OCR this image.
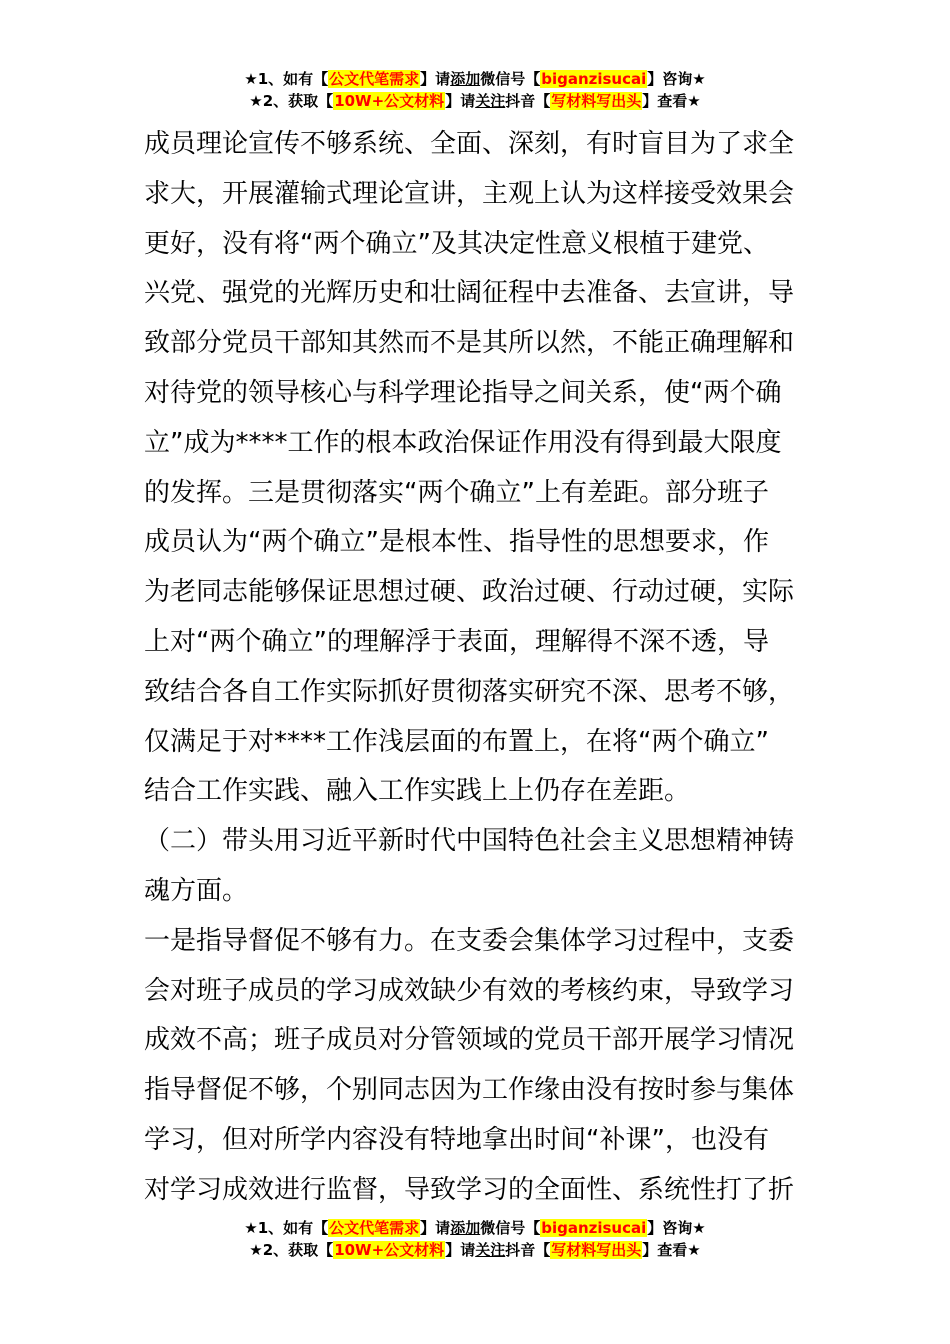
★1、如有【公文代笔需求】请添加微信号【biganzisucai】咨询★
★2、获取【10W+公文材料】请关注抖音【写材料写出头】查看★
成员理论宣传不够系统、全面、深刻，有时盲目为了求全
求大，开展灌输式理论宣讲，主观上认为这样接受效果会
更好，没有将“两个确立”及其决定性意义根植于建党、
兴党、强党的光辉历史和壮阔征程中去准备、去宣讲，导
致部分党员干部知其然而不是其所以然，不能正确理解和
对待党的领导核心与科学理论指导之间关系，使“两个确
立”成为****工作的根本政治保证作用没有得到最大限度
的发挥。三是贯彻落实“两个确立”上有差距。部分班子
成员认为“两个确立”是根本性、指导性的思想要求，作
为老同志能够保证思想过硬、政治过硬、行动过硬，实际
上对“两个确立”的理解浮于表面，理解得不深不透，导
致结合各自工作实际抓好贯彻落实研究不深、思考不够，
仅满足于对****工作浅层面的布置上，在将“两个确立”
结合工作实践、融入工作实践上上仍存在差距。
（二）带头用习近平新时代中国特色社会主义思想精神铸
魂方面。
一是指导督促不够有力。在支委会集体学习过程中，支委
会对班子成员的学习成效缺少有效的考核约束，导致学习
成效不高；班子成员对分管领域的党员干部开展学习情况
指导督促不够，个别同志因为工作缘由没有按时参与集体
学习，但对所学内容没有特地拿出时间“补课”，也没有
对学习成效进行监督，导致学习的全面性、系统性打了折
★1、如有【公文代笔需求】请添加微信号【biganzisucai】咨询★
★2、获取【10W+公文材料】请关注抖音【写材料写出头】查看★
